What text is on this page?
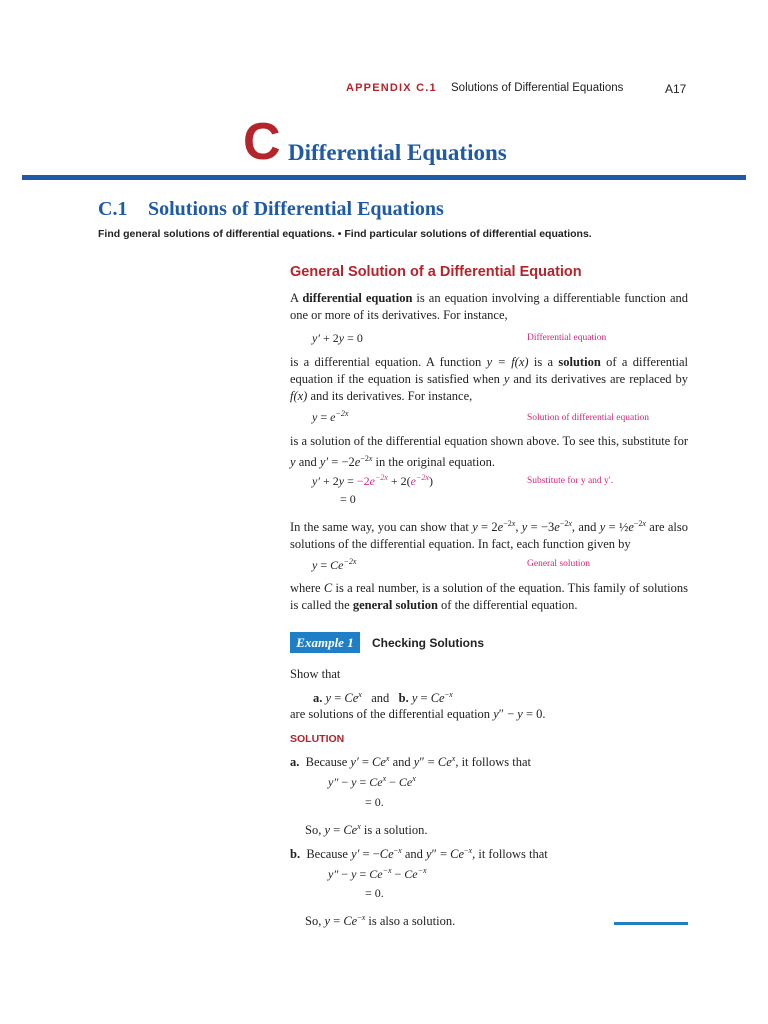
APPENDIX C.1 Solutions of Differential Equations	A17
C Differential Equations
C.1 Solutions of Differential Equations
Find general solutions of differential equations. • Find particular solutions of differential equations.
General Solution of a Differential Equation
A differential equation is an equation involving a differentiable function and one or more of its derivatives. For instance,
y′ + 2y = 0	Differential equation
is a differential equation. A function y = f(x) is a solution of a differential equation if the equation is satisfied when y and its derivatives are replaced by f(x) and its derivatives. For instance,
$y = e^{-2x}$	Solution of differential equation
is a solution of the differential equation shown above. To see this, substitute for y and $y' = -2e^{-2x}$ in the original equation.
$y' + 2y = -2e^{-2x} + 2(e^{-2x})$	Substitute for y and y′.
= 0
In the same way, you can show that $y = 2e^{-2x}$, $y = -3e^{-2x}$, and $y = \frac{1}{2}e^{-2x}$ are also solutions of the differential equation. In fact, each function given by
$y = Ce^{-2x}$	General solution
where C is a real number, is a solution of the equation. This family of solutions is called the general solution of the differential equation.
Example 1	Checking Solutions
Show that
a. $y = Ce^x$ and b. $y = Ce^{-x}$
are solutions of the differential equation y″ − y = 0.
SOLUTION
a. Because $y' = Ce^x$ and $y'' = Ce^x$, it follows that
$y'' - y = Ce^x - Ce^x$
= 0.
So, $y = Ce^x$ is a solution.
b. Because $y' = -Ce^{-x}$ and $y'' = Ce^{-x}$, it follows that
$y'' - y = Ce^{-x} - Ce^{-x}$
= 0.
So, $y = Ce^{-x}$ is also a solution.
